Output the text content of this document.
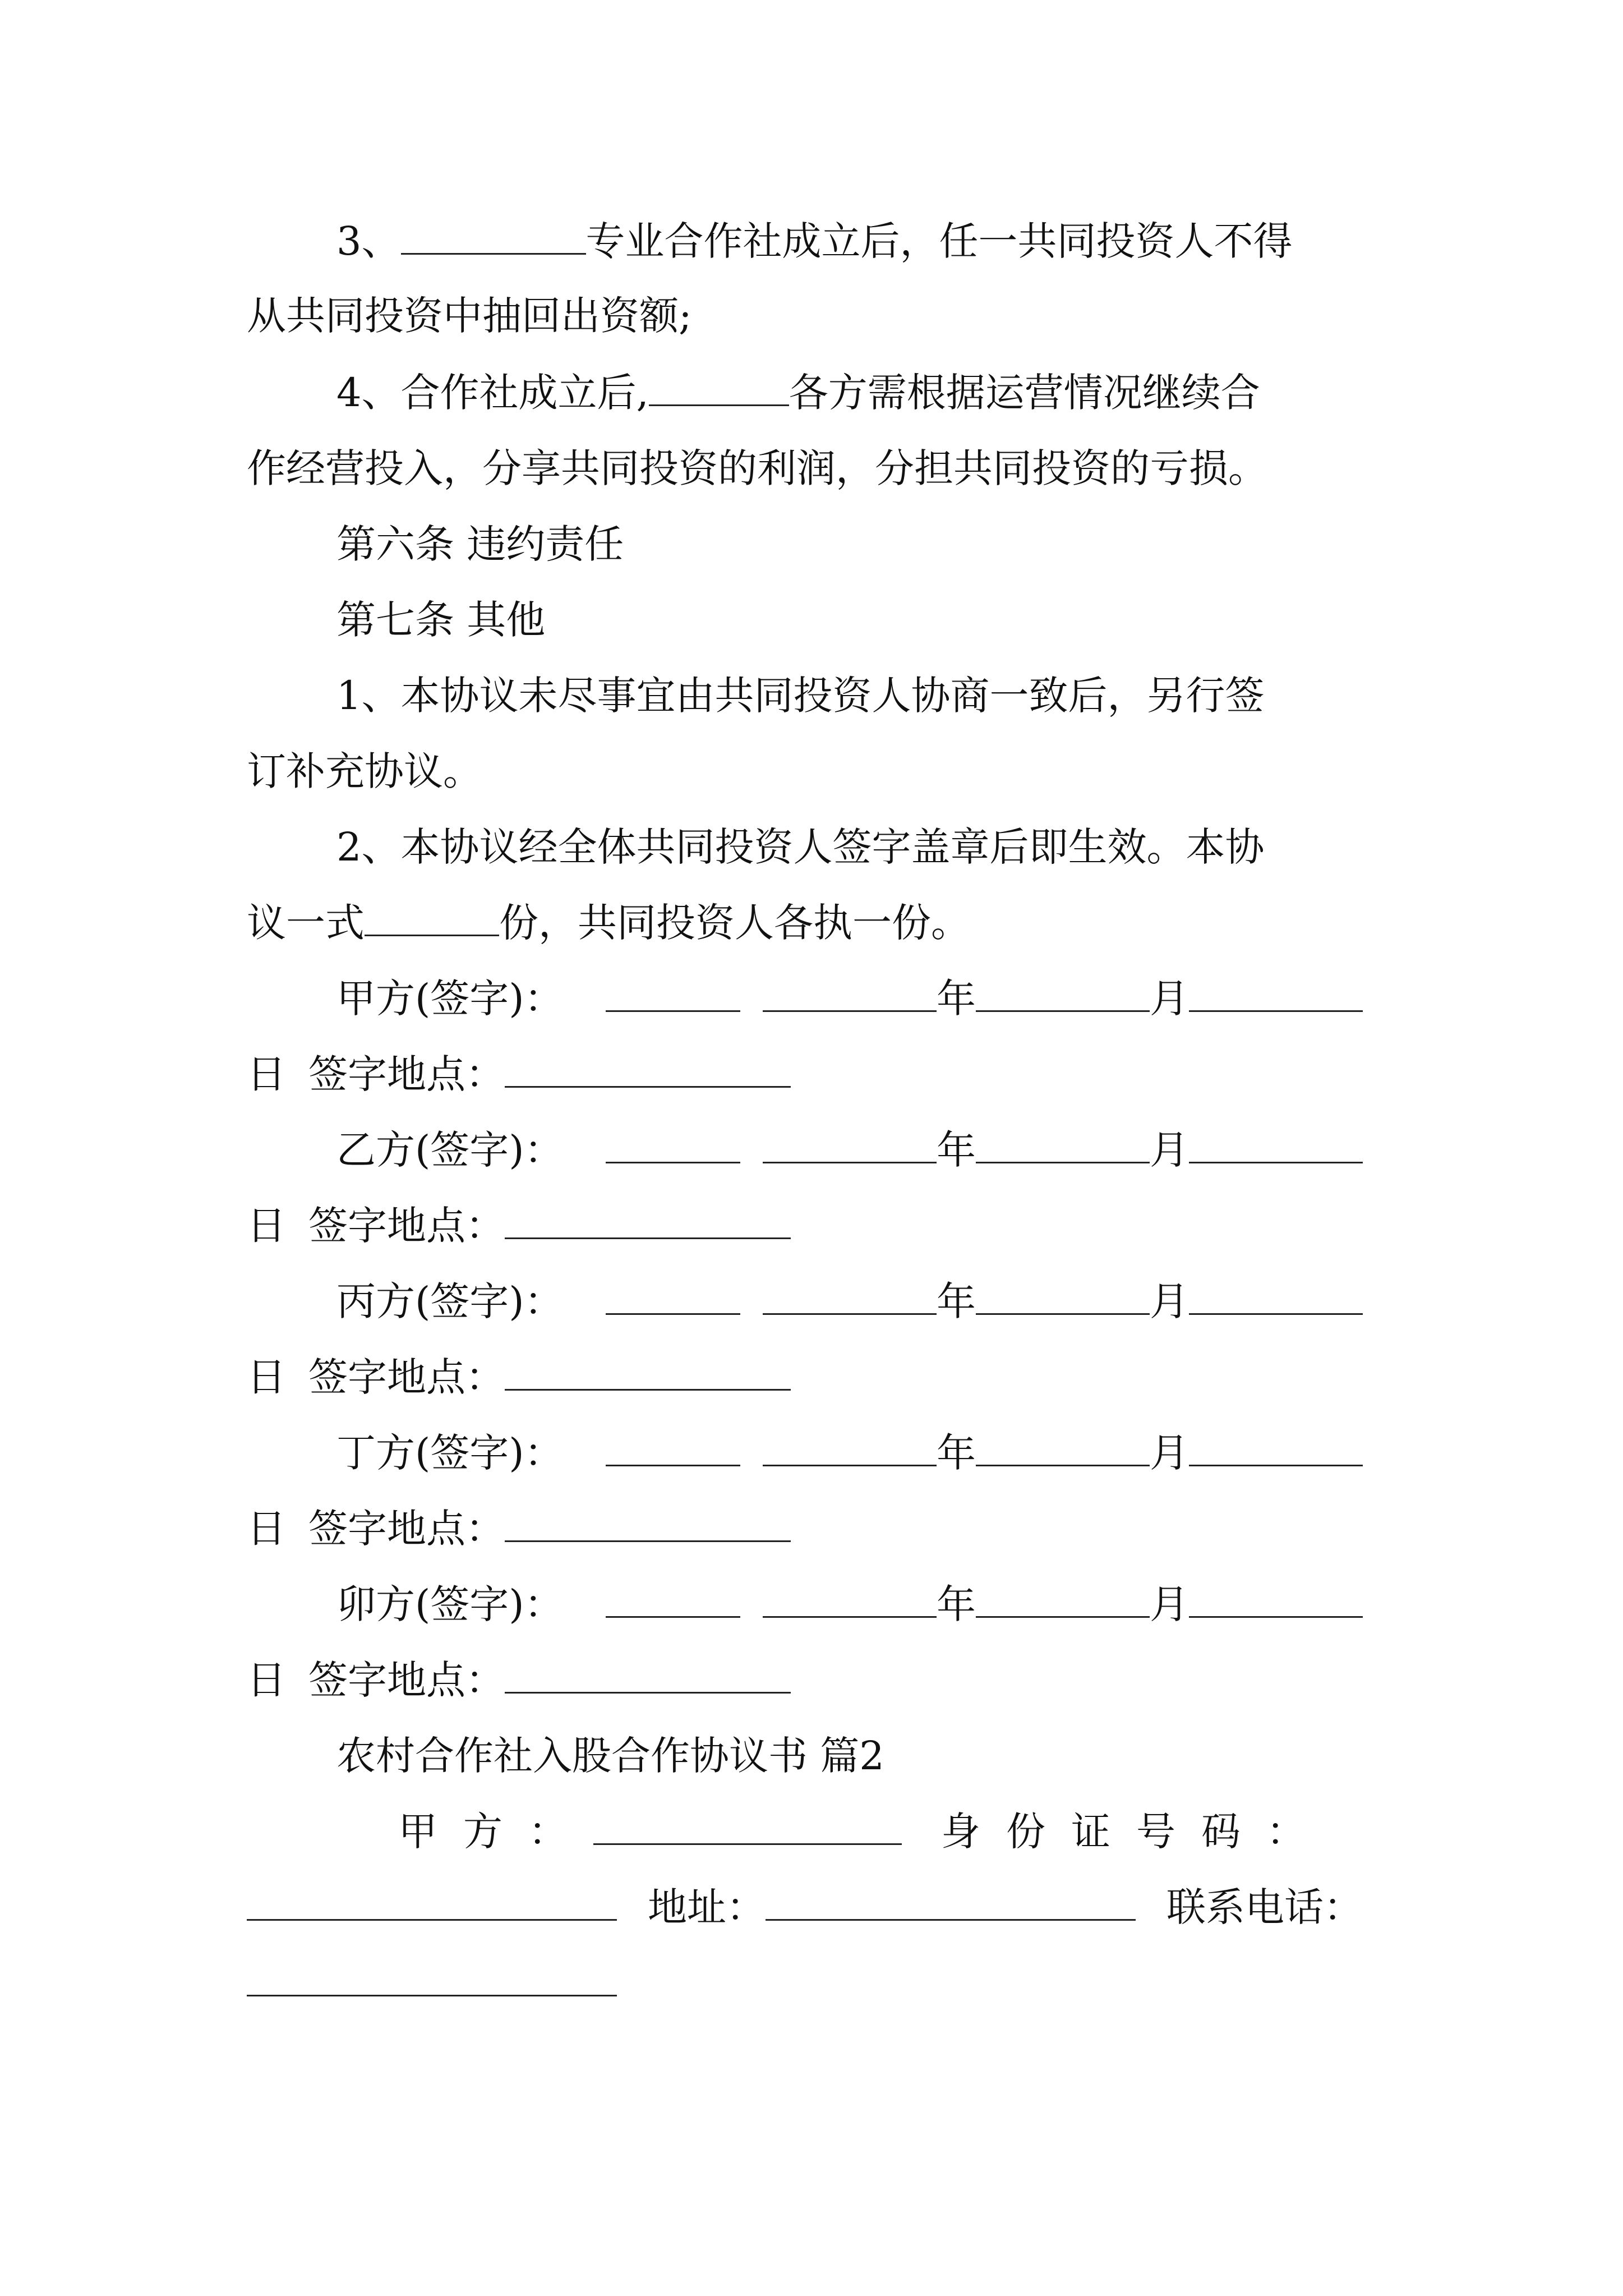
3、	专业合作社成立后，任一共同投资人不得
从共同投资中抽回出资额;
4、合作社成立后,	各方需根据运营情况继续合
作经营投入，分享共同投资的利润，分担共同投资的亏损。
第六条 违约责任
第七条 其他
1、本协议未尽事宜由共同投资人协商一致后，另行签
订补充协议。
2、本协议经全体共同投资人签字盖章后即生效。本协
议一式	份，共同投资人各执一份。
甲方(签字)：	年	月
日 签字地点：
乙方(签字)：	年	月
日 签字地点：
丙方(签字)：	年	月
日 签字地点：
丁方(签字)：	年	月
日 签字地点：
卯方(签字)：	年	月
日 签字地点：
农村合作社入股合作协议书 篇2
甲方：	身份证号码：
地址：	联系电话：
